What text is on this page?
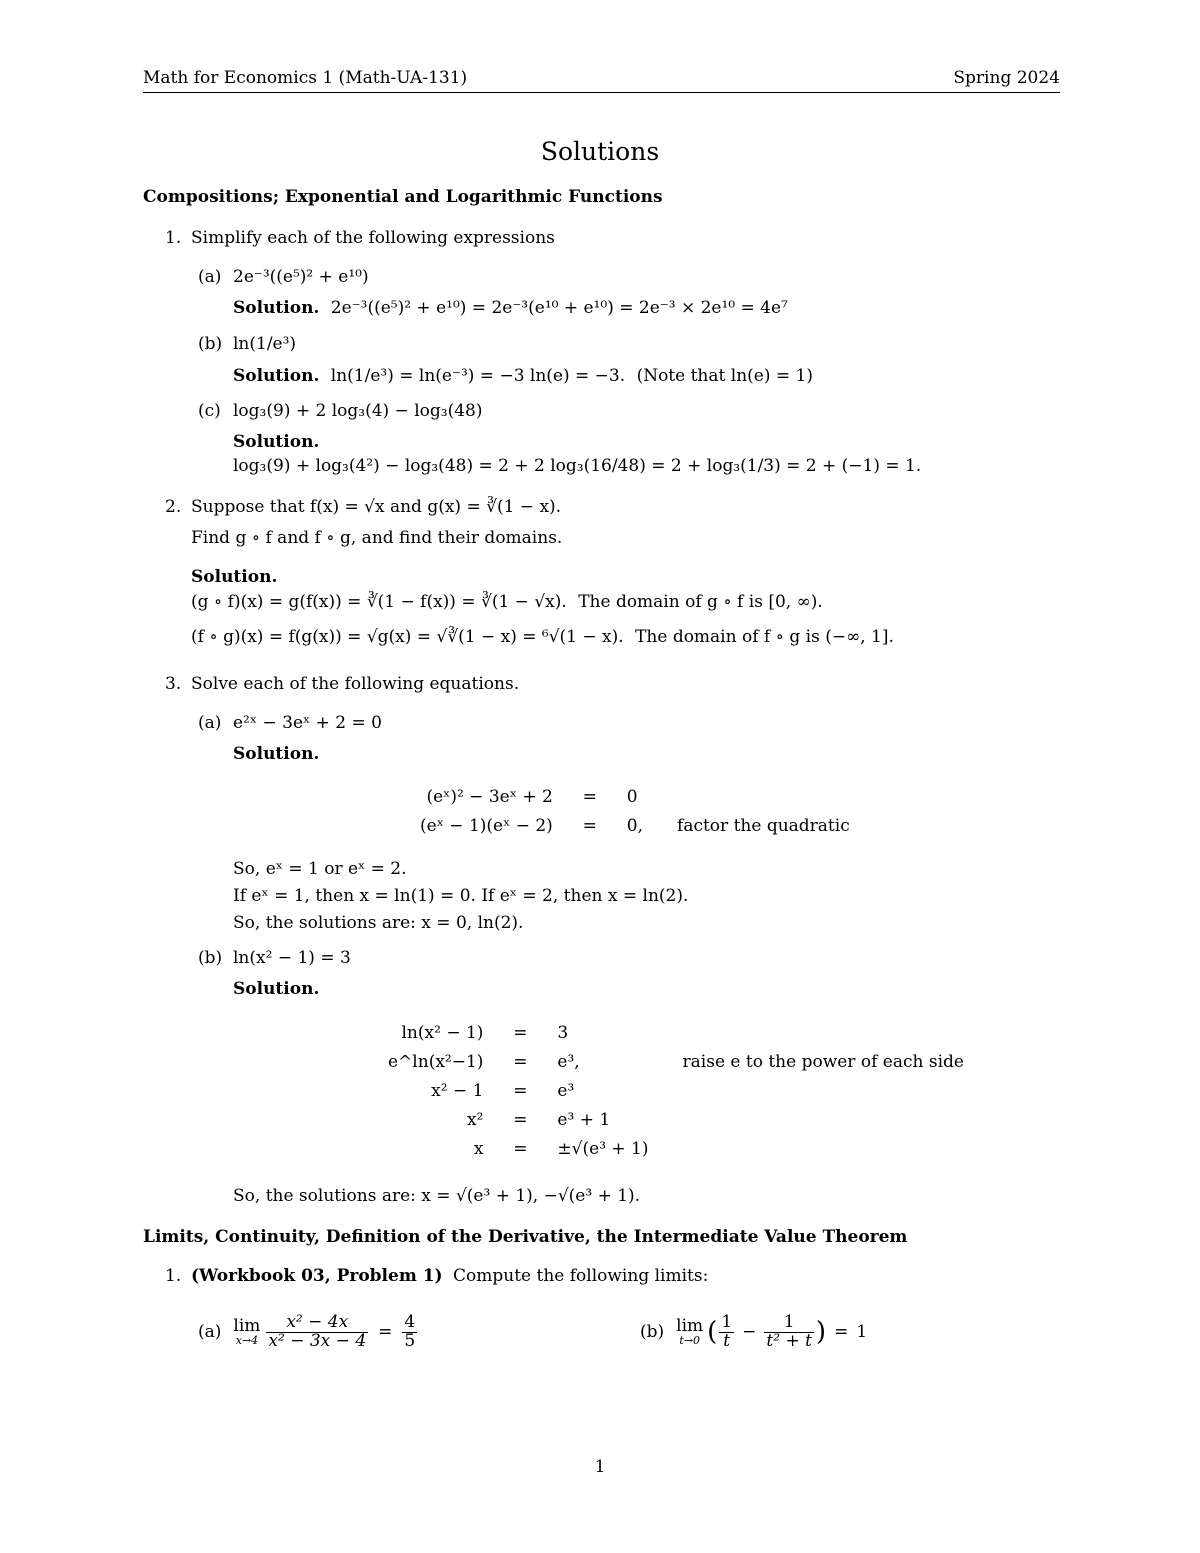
Math for Economics 1 (Math-UA-131)	Spring 2024
Solutions
Compositions; Exponential and Logarithmic Functions
1. Simplify each of the following expressions
(a) 2e⁻³((e⁵)² + e¹⁰)
Solution. 2e⁻³((e⁵)² + e¹⁰) = 2e⁻³(e¹⁰ + e¹⁰) = 2e⁻³ × 2e¹⁰ = 4e⁷
(b) ln(1/e³)
Solution. ln(1/e³) = ln(e⁻³) = −3 ln(e) = −3. (Note that ln(e) = 1)
(c) log₃(9) + 2 log₃(4) − log₃(48)
Solution.
log₃(9) + log₃(4²) − log₃(48) = 2 + 2 log₃(16/48) = 2 + log₃(1/3) = 2 + (−1) = 1.
2. Suppose that f(x) = √x and g(x) = ∛(1 − x).
Find g ∘ f and f ∘ g, and find their domains.
Solution.
(g ∘ f)(x) = g(f(x)) = ∛(1 − f(x)) = ∛(1 − √x). The domain of g ∘ f is [0, ∞).
(f ∘ g)(x) = f(g(x)) = √g(x) = √∛(1 − x) = ⁶√(1 − x). The domain of f ∘ g is (−∞, 1].
3. Solve each of the following equations.
(a) e²ˣ − 3eˣ + 2 = 0
Solution.
(eˣ)² − 3eˣ + 2	=	0	
(eˣ − 1)(eˣ − 2)	=	0,	factor the quadratic
So, eˣ = 1 or eˣ = 2.
If eˣ = 1, then x = ln(1) = 0. If eˣ = 2, then x = ln(2).
So, the solutions are: x = 0, ln(2).
(b) ln(x² − 1) = 3
Solution.
ln(x² − 1)	=	3	
e^ln(x²−1)	=	e³,	raise e to the power of each side
x² − 1	=	e³	
x²	=	e³ + 1	
x	=	±√(e³ + 1)	
So, the solutions are: x = √(e³ + 1), −√(e³ + 1).
Limits, Continuity, Definition of the Derivative, the Intermediate Value Theorem
1. (Workbook 03, Problem 1) Compute the following limits:
(a) lim
$x\to 4 \frac{\text{x² − 4x}}{\text{x² − 3x − 4}} = \frac{4}{5}$	(b) lim
t→0 ( $\frac{1}{t} - \frac{1}{\text{t² + t}}$ ) = 1
1
